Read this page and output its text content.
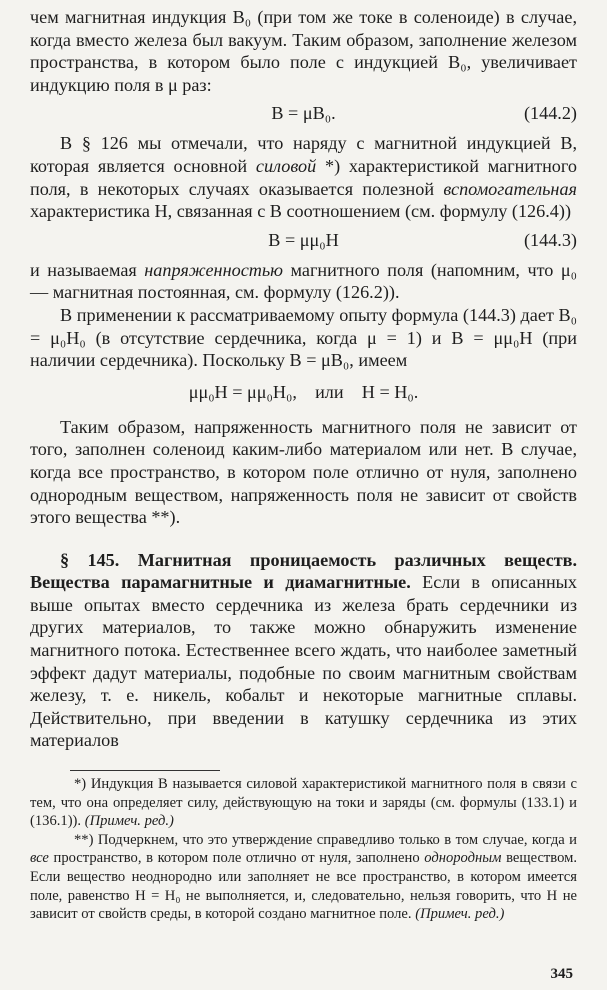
чем магнитная индукция B₀ (при том же токе в соленоиде) в случае, когда вместо железа был вакуум. Таким образом, заполнение железом пространства, в котором было поле с индукцией B₀, увеличивает индукцию поля в μ раз:

B = μB₀.	(144.2)

В § 126 мы отмечали, что наряду с магнитной индукцией B, которая является основной силовой *) характеристикой магнитного поля, в некоторых случаях оказывается полезной вспомогательная характеристика H, связанная с B соотношением (см. формулу (126.4))

B = μμ₀H	(144.3)

и называемая напряженностью магнитного поля (напомним, что μ₀ — магнитная постоянная, см. формулу (126.2)).

В применении к рассматриваемому опыту формула (144.3) дает B₀ = μ₀H₀ (в отсутствие сердечника, когда μ = 1) и B = μμ₀H (при наличии сердечника). Поскольку B = μB₀, имеем

μμ₀H = μμ₀H₀,    или    H = H₀.

Таким образом, напряженность магнитного поля не зависит от того, заполнен соленоид каким-либо материалом или нет. В случае, когда все пространство, в котором поле отлично от нуля, заполнено однородным веществом, напряженность поля не зависит от свойств этого вещества **).

§ 145. Магнитная проницаемость различных веществ. Вещества парамагнитные и диамагнитные. Если в описанных выше опытах вместо сердечника из железа брать сердечники из других материалов, то также можно обнаружить изменение магнитного потока. Естественнее всего ждать, что наиболее заметный эффект дадут материалы, подобные по своим магнитным свойствам железу, т. е. никель, кобальт и некоторые магнитные сплавы. Действительно, при введении в катушку сердечника из этих материалов

*) Индукция B называется силовой характеристикой магнитного поля в связи с тем, что она определяет силу, действующую на токи и заряды (см. формулы (133.1) и (136.1)). (Примеч. ред.)

**) Подчеркнем, что это утверждение справедливо только в том случае, когда и все пространство, в котором поле отлично от нуля, заполнено однородным веществом. Если вещество неоднородно или заполняет не все пространство, в котором имеется поле, равенство H = H₀ не выполняется, и, следовательно, нельзя говорить, что H не зависит от свойств среды, в которой создано магнитное поле. (Примеч. ред.)

345
